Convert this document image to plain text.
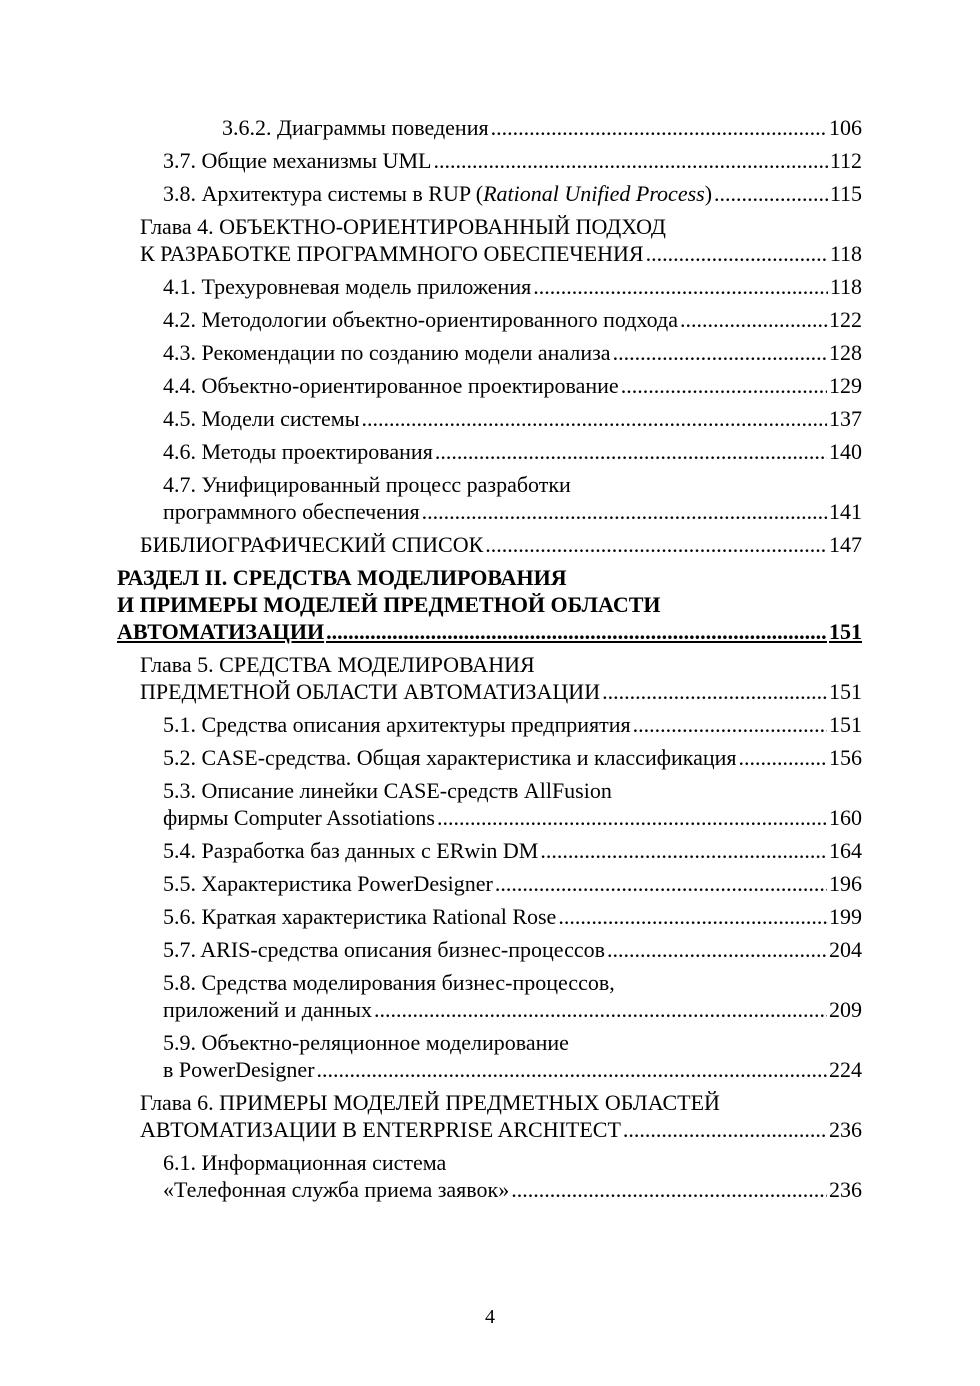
3.6.2. Диаграммы поведения .....	106
3.7. Общие механизмы UML .....	112
3.8. Архитектура системы в RUP (Rational Unified Process) .....	115
Глава 4. ОБЪЕКТНО-ОРИЕНТИРОВАННЫЙ ПОДХОД
К РАЗРАБОТКЕ ПРОГРАММНОГО ОБЕСПЕЧЕНИЯ .....	118
4.1. Трехуровневая модель приложения .....	118
4.2. Методологии объектно-ориентированного подхода .....	122
4.3. Рекомендации по созданию модели анализа .....	128
4.4. Объектно-ориентированное проектирование .....	129
4.5. Модели системы .....	137
4.6. Методы проектирования .....	140
4.7. Унифицированный процесс разработки
программного обеспечения .....	141
БИБЛИОГРАФИЧЕСКИЙ СПИСОК .....	147
РАЗДЕЛ II. СРЕДСТВА МОДЕЛИРОВАНИЯ
И ПРИМЕРЫ МОДЕЛЕЙ ПРЕДМЕТНОЙ ОБЛАСТИ
АВТОМАТИЗАЦИИ .....	151
Глава 5. СРЕДСТВА МОДЕЛИРОВАНИЯ
ПРЕДМЕТНОЙ ОБЛАСТИ АВТОМАТИЗАЦИИ .....	151
5.1. Средства описания архитектуры предприятия .....	151
5.2. CASE-средства. Общая характеристика и классификация .....	156
5.3. Описание линейки CASE-средств AllFusion
фирмы Computer Assotiations .....	160
5.4. Разработка баз данных с ERwin DM .....	164
5.5. Характеристика PowerDesigner .....	196
5.6. Краткая характеристика Rational Rose .....	199
5.7. ARIS-средства описания бизнес-процессов .....	204
5.8. Средства моделирования бизнес-процессов,
приложений и данных .....	209
5.9. Объектно-реляционное моделирование
в PowerDesigner .....	224
Глава 6. ПРИМЕРЫ МОДЕЛЕЙ ПРЕДМЕТНЫХ ОБЛАСТЕЙ
АВТОМАТИЗАЦИИ В ENTERPRISE ARCHITECT .....	236
6.1. Информационная система
«Телефонная служба приема заявок» .....	236
4
